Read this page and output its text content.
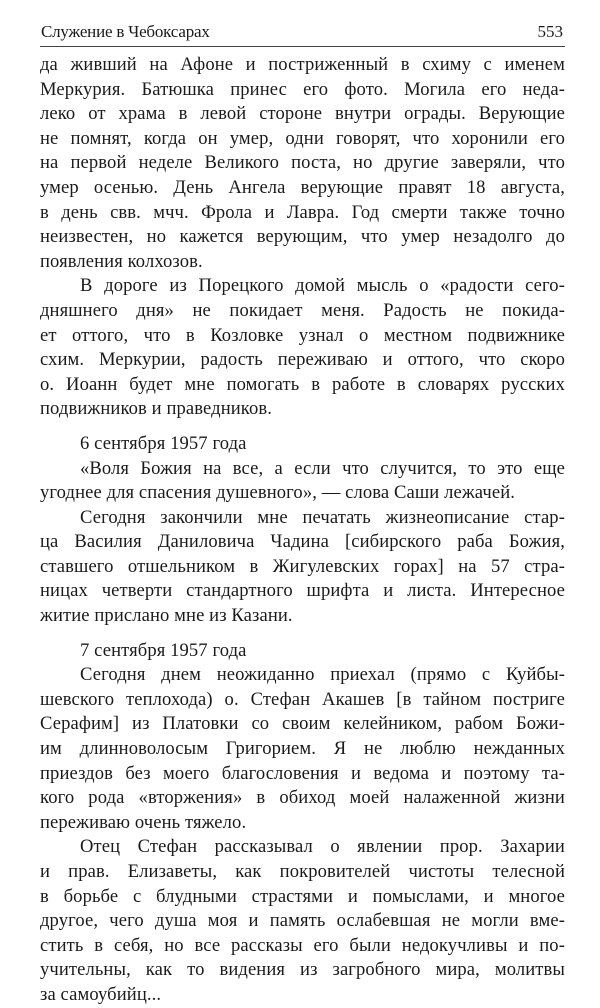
Служение в Чебоксарах	553
да живший на Афоне и постриженный в схиму с именем
Меркурия. Батюшка принес его фото. Могила его неда-
леко от храма в левой стороне внутри ограды. Верующие
не помнят, когда он умер, одни говорят, что хоронили его
на первой неделе Великого поста, но другие заверяли, что
умер осенью. День Ангела верующие правят 18 августа,
в день свв. мчч. Фрола и Лавра. Год смерти также точно
неизвестен, но кажется верующим, что умер незадолго до
появления колхозов.
В дороге из Порецкого домой мысль о «радости сего-
дняшнего дня» не покидает меня. Радость не покида-
ет оттого, что в Козловке узнал о местном подвижнике
схим. Меркурии, радость переживаю и оттого, что скоро
о. Иоанн будет мне помогать в работе в словарях русских
подвижников и праведников.
6 сентября 1957 года
«Воля Божия на все, а если что случится, то это еще
угоднее для спасения душевного», — слова Саши лежачей.
Сегодня закончили мне печатать жизнеописание стар-
ца Василия Даниловича Чадина [сибирского раба Божия,
ставшего отшельником в Жигулевских горах] на 57 стра-
ницах четверти стандартного шрифта и листа. Интересное
житие прислано мне из Казани.
7 сентября 1957 года
Сегодня днем неожиданно приехал (прямо с Куйбы-
шевского теплохода) о. Стефан Акашев [в тайном постриге
Серафим] из Платовки со своим келейником, рабом Божи-
им длинноволосым Григорием. Я не люблю нежданных
приездов без моего благословения и ведома и поэтому та-
кого рода «вторжения» в обиход моей налаженной жизни
переживаю очень тяжело.
Отец Стефан рассказывал о явлении прор. Захарии
и прав. Елизаветы, как покровителей чистоты телесной
в борьбе с блудными страстями и помыслами, и многое
другое, чего душа моя и память ослабевшая не могли вме-
стить в себя, но все рассказы его были недокучливы и по-
учительны, как то видения из загробного мира, молитвы
за самоубийц...
